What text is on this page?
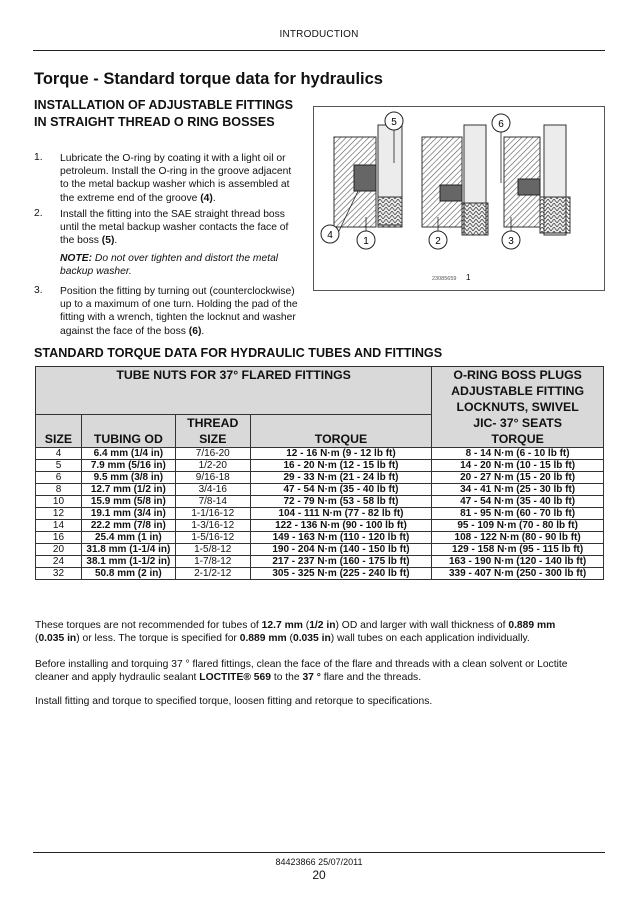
INTRODUCTION
Torque - Standard torque data for hydraulics
INSTALLATION OF ADJUSTABLE FITTINGS
IN STRAIGHT THREAD O RING BOSSES
1. Lubricate the O-ring by coating it with a light oil or
petroleum. Install the O-ring in the groove adjacent
to the metal backup washer which is assembled at
the extreme end of the groove (4).
2. Install the fitting into the SAE straight thread boss
until the metal backup washer contacts the face of
the boss (5).
NOTE: Do not over tighten and distort the metal
backup washer.
3. Position the fitting by turning out (counterclockwise)
up to a maximum of one turn. Holding the pad of the
fitting with a wrench, tighten the locknut and washer
against the face of the boss (6).
5	6
4
1	2	3
23085659 1
STANDARD TORQUE DATA FOR HYDRAULIC TUBES AND FITTINGS
TUBE NUTS FOR 37° FLARED FITTINGS				O-RING BOSS PLUGS
ADJUSTABLE FITTING
LOCKNUTS, SWIVEL
JIC- 37° SEATS
TORQUE

SIZE	TUBING OD	THREAD
SIZE	TORQUE	
4	6.4 mm (1/4 in)	7/16-20	12 - 16 N·m (9 - 12 lb ft)	8 - 14 N·m (6 - 10 lb ft)
5	7.9 mm (5/16 in)	1/2-20	16 - 20 N·m (12 - 15 lb ft)	14 - 20 N·m (10 - 15 lb ft)
6	9.5 mm (3/8 in)	9/16-18	29 - 33 N·m (21 - 24 lb ft)	20 - 27 N·m (15 - 20 lb ft)
8	12.7 mm (1/2 in)	3/4-16	47 - 54 N·m (35 - 40 lb ft)	34 - 41 N·m (25 - 30 lb ft)
10	15.9 mm (5/8 in)	7/8-14	72 - 79 N·m (53 - 58 lb ft)	47 - 54 N·m (35 - 40 lb ft)
12	19.1 mm (3/4 in)	1-1/16-12	104 - 111 N·m (77 - 82 lb ft)	81 - 95 N·m (60 - 70 lb ft)
14	22.2 mm (7/8 in)	1-3/16-12	122 - 136 N·m (90 - 100 lb ft)	95 - 109 N·m (70 - 80 lb ft)
16	25.4 mm (1 in)	1-5/16-12	149 - 163 N·m (110 - 120 lb ft)	108 - 122 N·m (80 - 90 lb ft)
20	31.8 mm (1-1/4 in)	1-5/8-12	190 - 204 N·m (140 - 150 lb ft)	129 - 158 N·m (95 - 115 lb ft)
24	38.1 mm (1-1/2 in)	1-7/8-12	217 - 237 N·m (160 - 175 lb ft)	163 - 190 N·m (120 - 140 lb ft)
32	50.8 mm (2 in)	2-1/2-12	305 - 325 N·m (225 - 240 lb ft)	339 - 407 N·m (250 - 300 lb ft)
These torques are not recommended for tubes of 12.7 mm (1/2 in) OD and larger with wall thickness of 0.889 mm
(0.035 in) or less. The torque is specified for 0.889 mm (0.035 in) wall tubes on each application individually.
Before installing and torquing 37 ° flared fittings, clean the face of the flare and threads with a clean solvent or Loctite
cleaner and apply hydraulic sealant LOCTITE® 569 to the 37 ° flare and the threads.
Install fitting and torque to specified torque, loosen fitting and retorque to specifications.
84423866 25/07/2011
20
